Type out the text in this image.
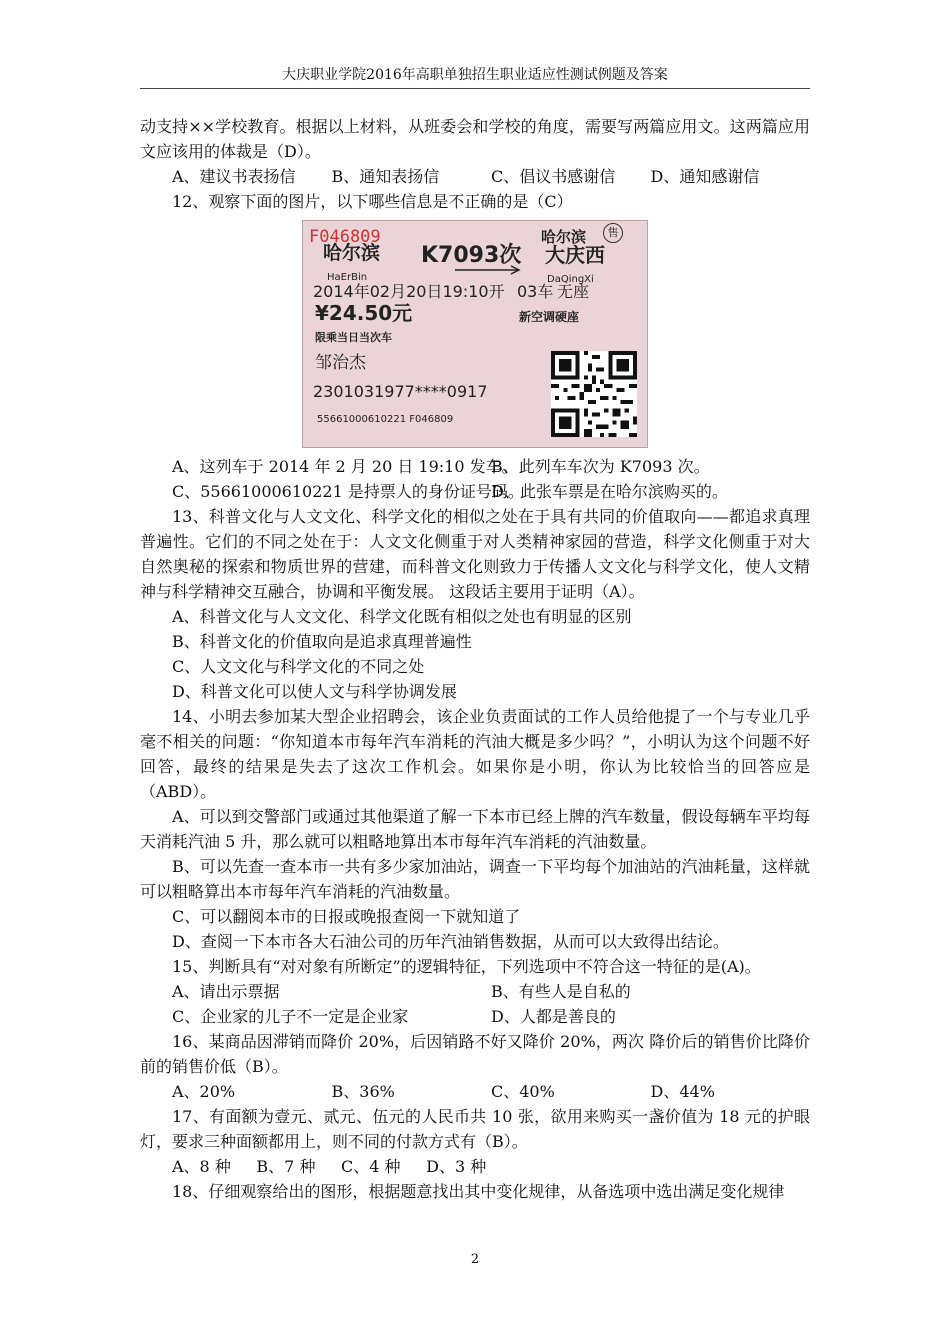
大庆职业学院2016年高职单独招生职业适应性测试例题及答案

动支持××学校教育。根据以上材料，从班委会和学校的角度，需要写两篇应用文。这两篇应用文应该用的体裁是（D）。

A、建议书表扬信	B、通知表扬信	C、倡议书感谢信	D、通知感谢信

12、观察下面的图片，以下哪些信息是不正确的是（C）

F046809
哈尔滨
HaErBin
K7093次
哈尔滨	售
大庆西
DaQingXi
2014年02月20日19:10开 03车 无座
¥24.50元	新空调硬座
限乘当日当次车
邹治杰
2301031977****0917
55661000610221 F046809
A、这列车于 2014 年 2 月 20 日 19:10 发车。
B、此列车车次为 K7093 次。
C、55661000610221 是持票人的身份证号码。
D、此张车票是在哈尔滨购买的。

13、科普文化与人文文化、科学文化的相似之处在于具有共同的价值取向——都追求真理普遍性。它们的不同之处在于：人文文化侧重于对人类精神家园的营造，科学文化侧重于对大自然奥秘的探索和物质世界的营建，而科普文化则致力于传播人文文化与科学文化，使人文精神与科学精神交互融合，协调和平衡发展。 这段话主要用于证明（A）。

A、科普文化与人文文化、科学文化既有相似之处也有明显的区别

B、科普文化的价值取向是追求真理普遍性

C、人文文化与科学文化的不同之处

D、科普文化可以使人文与科学协调发展

14、小明去参加某大型企业招聘会，该企业负责面试的工作人员给他提了一个与专业几乎毫不相关的问题：“你知道本市每年汽车消耗的汽油大概是多少吗？”，小明认为这个问题不好回答，最终的结果是失去了这次工作机会。如果你是小明，你认为比较恰当的回答应是（ABD）。

A、可以到交警部门或通过其他渠道了解一下本市已经上牌的汽车数量，假设每辆车平均每天消耗汽油 5 升，那么就可以粗略地算出本市每年汽车消耗的汽油数量。

B、可以先查一查本市一共有多少家加油站，调查一下平均每个加油站的汽油耗量，这样就可以粗略算出本市每年汽车消耗的汽油数量。

C、可以翻阅本市的日报或晚报查阅一下就知道了

D、查阅一下本市各大石油公司的历年汽油销售数据，从而可以大致得出结论。

15、判断具有“对对象有所断定”的逻辑特征，下列选项中不符合这一特征的是(A)。

A、请出示票据	B、有些人是自私的
C、企业家的儿子不一定是企业家	D、人都是善良的

16、某商品因滞销而降价 20%，后因销路不好又降价 20%，两次 降价后的销售价比降价前的销售价低（B）。

A、20%	B、36%	C、40%	D、44%

17、有面额为壹元、贰元、伍元的人民币共 10 张，欲用来购买一盏价值为 18 元的护眼灯，要求三种面额都用上，则不同的付款方式有（B）。

A、8 种 B、7 种 C、4 种 D、3 种

18、仔细观察给出的图形，根据题意找出其中变化规律，从备选项中选出满足变化规律

2
